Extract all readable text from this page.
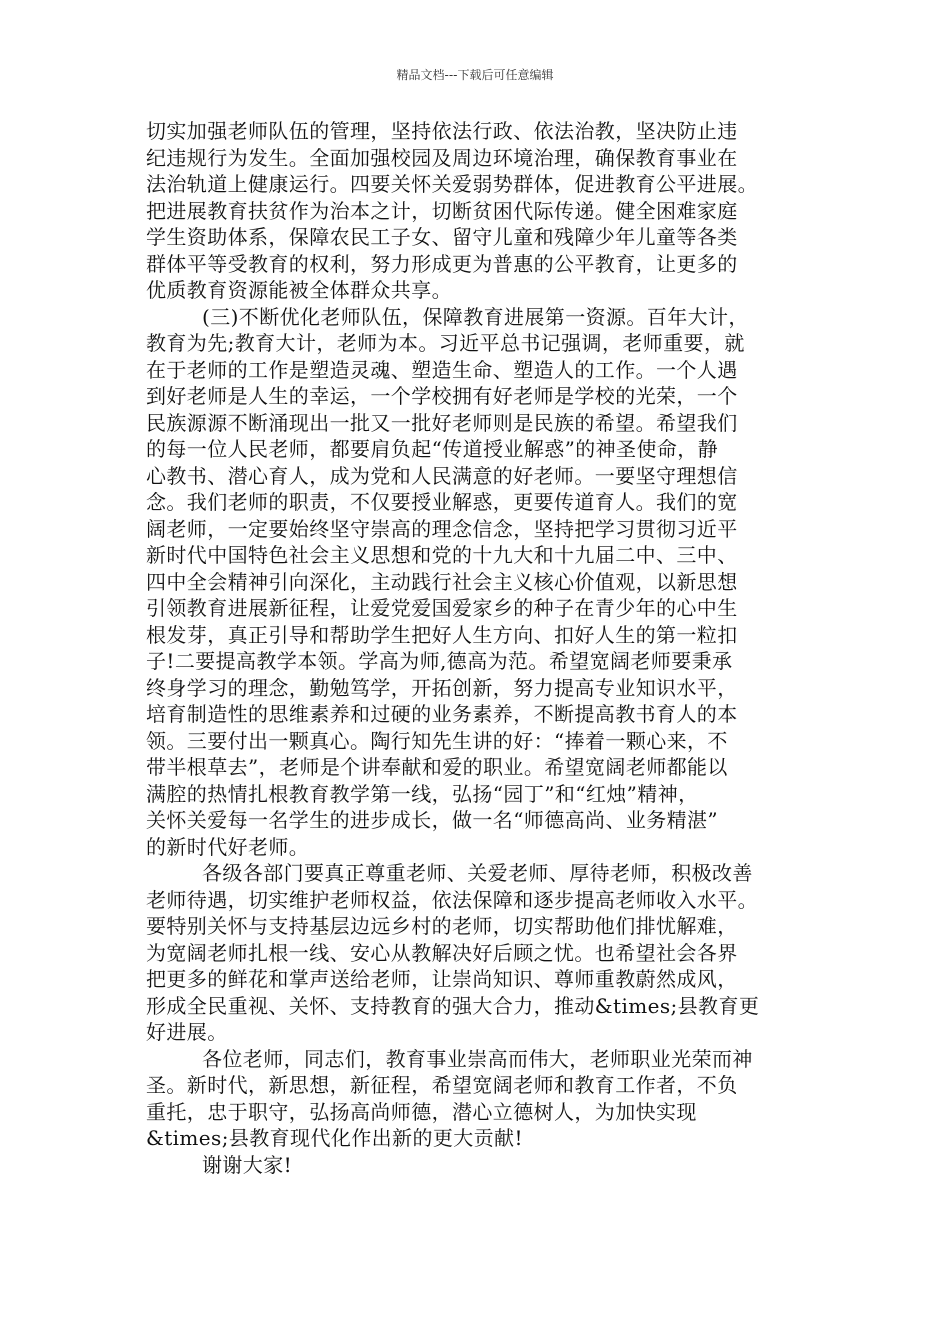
精品文档---下载后可任意编辑
切实加强老师队伍的管理，坚持依法行政、依法治教，坚决防止违
纪违规行为发生。全面加强校园及周边环境治理，确保教育事业在
法治轨道上健康运行。四要关怀关爱弱势群体，促进教育公平进展。
把进展教育扶贫作为治本之计，切断贫困代际传递。健全困难家庭
学生资助体系，保障农民工子女、留守儿童和残障少年儿童等各类
群体平等受教育的权利，努力形成更为普惠的公平教育，让更多的
优质教育资源能被全体群众共享。
(三)不断优化老师队伍，保障教育进展第一资源。百年大计，
教育为先;教育大计，老师为本。习近平总书记强调，老师重要，就
在于老师的工作是塑造灵魂、塑造生命、塑造人的工作。一个人遇
到好老师是人生的幸运，一个学校拥有好老师是学校的光荣，一个
民族源源不断涌现出一批又一批好老师则是民族的希望。希望我们
的每一位人民老师，都要肩负起“传道授业解惑”的神圣使命，静
心教书、潜心育人，成为党和人民满意的好老师。一要坚守理想信
念。我们老师的职责，不仅要授业解惑，更要传道育人。我们的宽
阔老师，一定要始终坚守崇高的理念信念，坚持把学习贯彻习近平
新时代中国特色社会主义思想和党的十九大和十九届二中、三中、
四中全会精神引向深化，主动践行社会主义核心价值观，以新思想
引领教育进展新征程，让爱党爱国爱家乡的种子在青少年的心中生
根发芽，真正引导和帮助学生把好人生方向、扣好人生的第一粒扣
子!二要提高教学本领。学高为师,德高为范。希望宽阔老师要秉承
终身学习的理念，勤勉笃学，开拓创新，努力提高专业知识水平，
培育制造性的思维素养和过硬的业务素养，不断提高教书育人的本
领。三要付出一颗真心。陶行知先生讲的好：“捧着一颗心来，不
带半根草去”，老师是个讲奉献和爱的职业。希望宽阔老师都能以
满腔的热情扎根教育教学第一线，弘扬“园丁”和“红烛”精神，
关怀关爱每一名学生的进步成长，做一名“师德高尚、业务精湛”
的新时代好老师。
各级各部门要真正尊重老师、关爱老师、厚待老师，积极改善
老师待遇，切实维护老师权益，依法保障和逐步提高老师收入水平。
要特别关怀与支持基层边远乡村的老师，切实帮助他们排忧解难，
为宽阔老师扎根一线、安心从教解决好后顾之忧。也希望社会各界
把更多的鲜花和掌声送给老师，让崇尚知识、尊师重教蔚然成风，
形成全民重视、关怀、支持教育的强大合力，推动&times;县教育更
好进展。
各位老师，同志们，教育事业崇高而伟大，老师职业光荣而神
圣。新时代，新思想，新征程，希望宽阔老师和教育工作者，不负
重托，忠于职守，弘扬高尚师德，潜心立德树人，为加快实现
&times;县教育现代化作出新的更大贡献!
谢谢大家!
